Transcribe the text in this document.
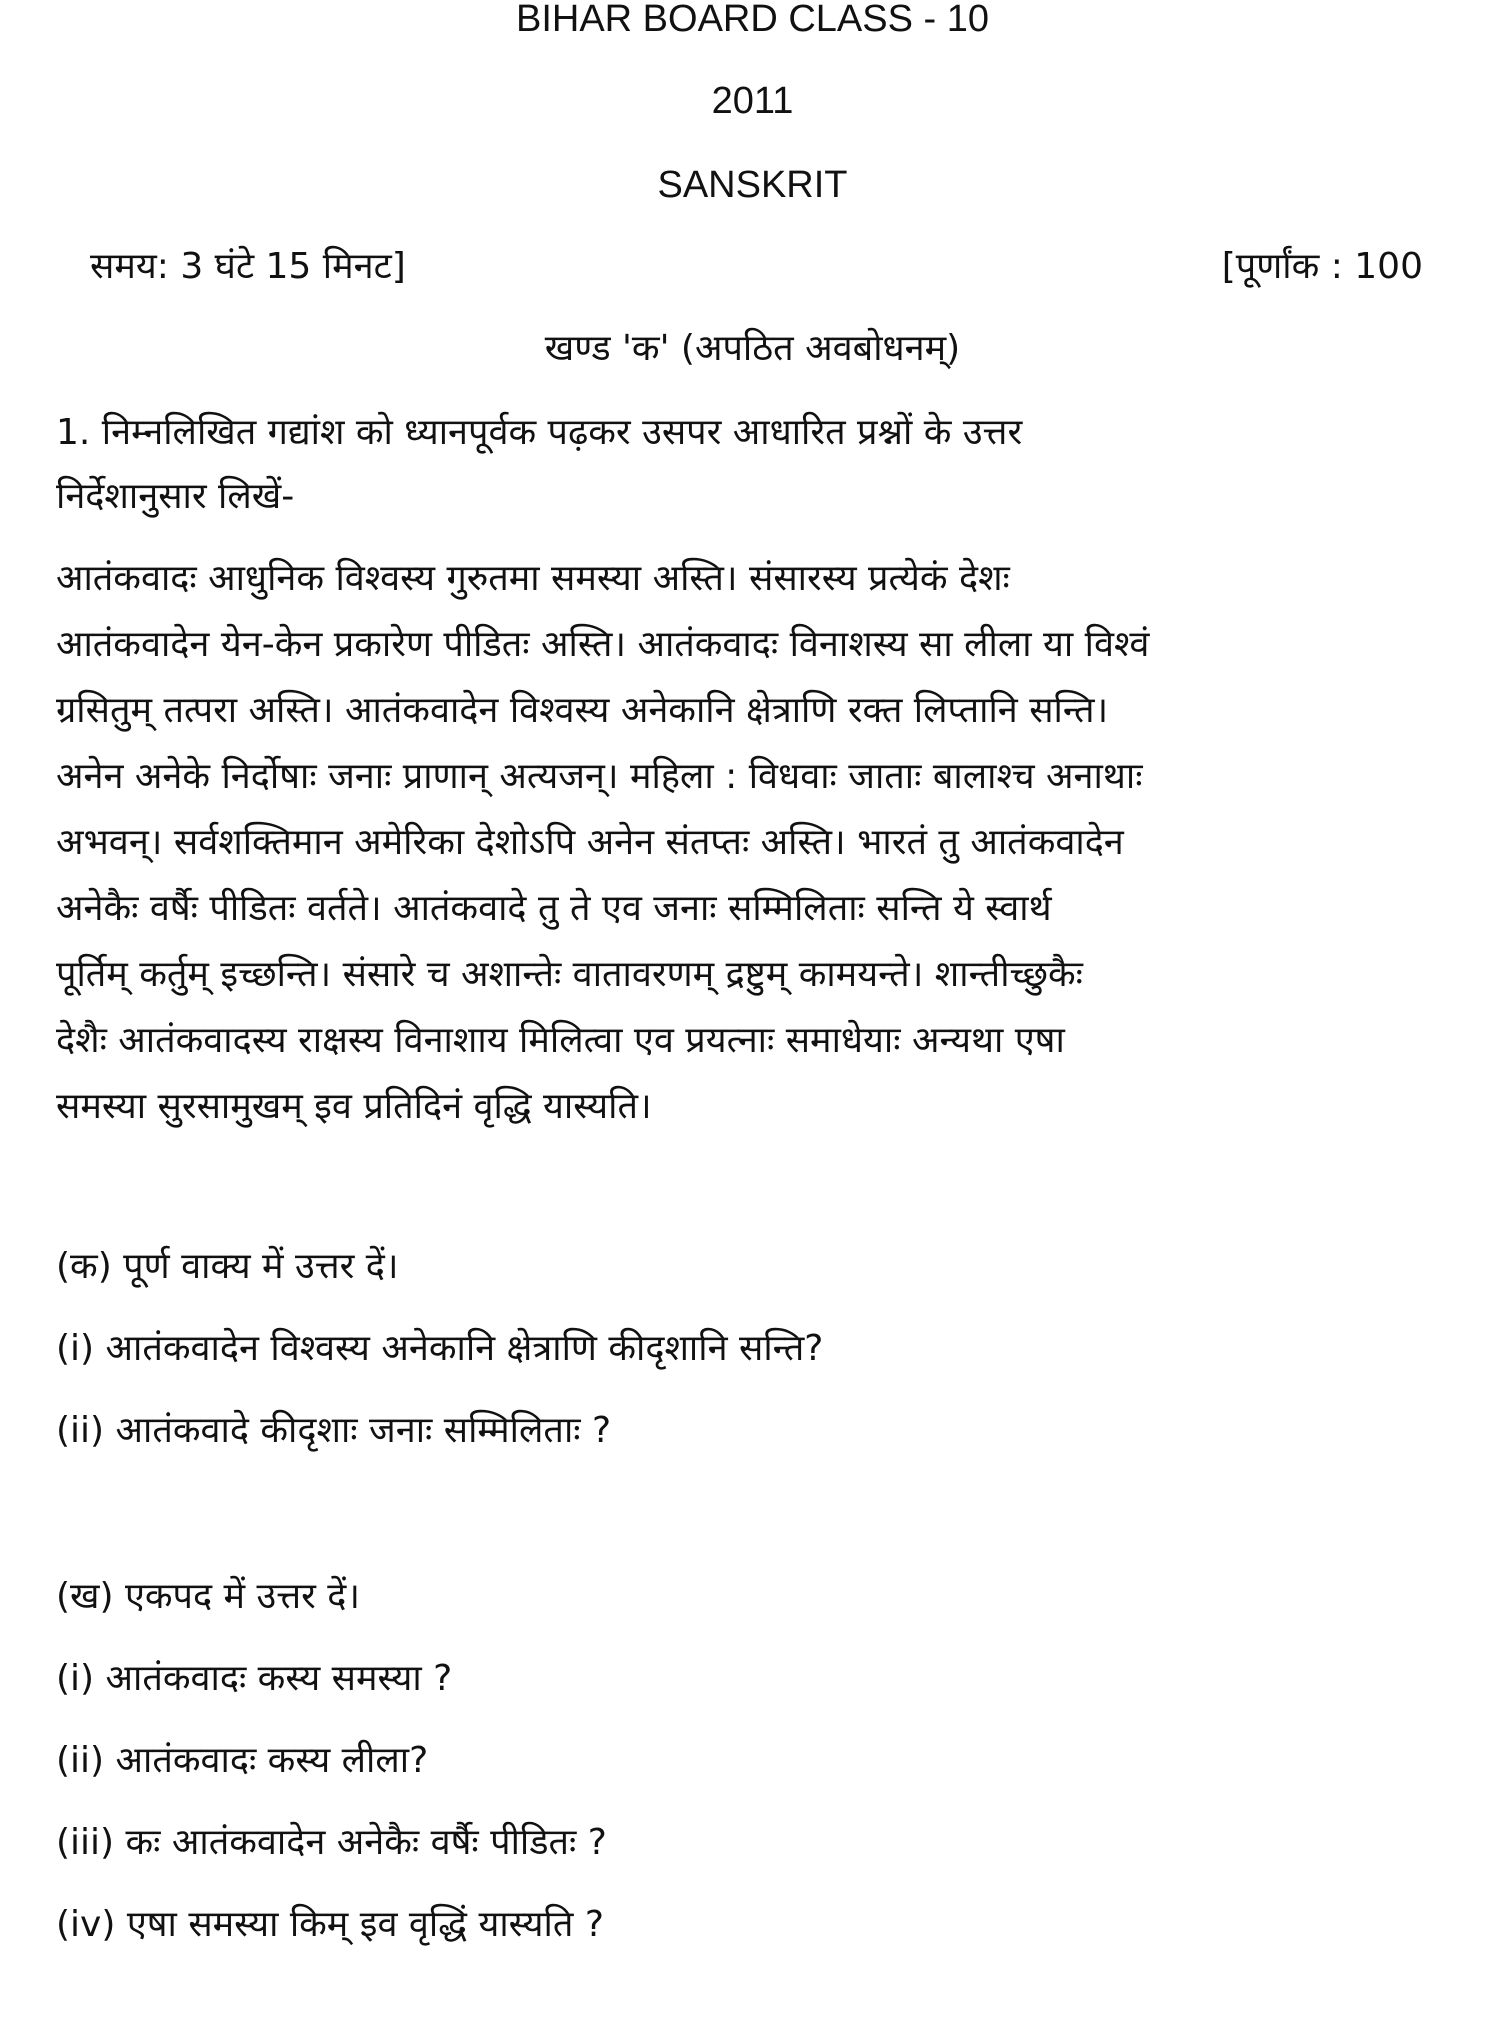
BIHAR BOARD CLASS - 10
2011
SANSKRIT
समय: 3 घंटे 15 मिनट]	[पूर्णांक : 100
खण्ड 'क' (अपठित अवबोधनम्)
1. निम्नलिखित गद्यांश को ध्यानपूर्वक पढ़कर उसपर आधारित प्रश्नों के उत्तर
निर्देशानुसार लिखें-
आतंकवादः आधुनिक विश्वस्य गुरुतमा समस्या अस्ति। संसारस्य प्रत्येकं देशः
आतंकवादेन येन-केन प्रकारेण पीडितः अस्ति। आतंकवादः विनाशस्य सा लीला या विश्वं
ग्रसितुम् तत्परा अस्ति। आतंकवादेन विश्वस्य अनेकानि क्षेत्राणि रक्त लिप्तानि सन्ति।
अनेन अनेके निर्दोषाः जनाः प्राणान् अत्यजन्। महिला : विधवाः जाताः बालाश्च अनाथाः
अभवन्। सर्वशक्तिमान अमेरिका देशोऽपि अनेन संतप्तः अस्ति। भारतं तु आतंकवादेन
अनेकैः वर्षैः पीडितः वर्तते। आतंकवादे तु ते एव जनाः सम्मिलिताः सन्ति ये स्वार्थ
पूर्तिम् कर्तुम् इच्छन्ति। संसारे च अशान्तेः वातावरणम् द्रष्टुम् कामयन्ते। शान्तीच्छुकैः
देशैः आतंकवादस्य राक्षस्य विनाशाय मिलित्वा एव प्रयत्नाः समाधेयाः अन्यथा एषा
समस्या सुरसामुखम् इव प्रतिदिनं वृद्धि यास्यति।
(क) पूर्ण वाक्य में उत्तर दें।
(i) आतंकवादेन विश्वस्य अनेकानि क्षेत्राणि कीदृशानि सन्ति?
(ii) आतंकवादे कीदृशाः जनाः सम्मिलिताः ?
(ख) एकपद में उत्तर दें।
(i) आतंकवादः कस्य समस्या ?
(ii) आतंकवादः कस्य लीला?
(iii) कः आतंकवादेन अनेकैः वर्षैः पीडितः ?
(iv) एषा समस्या किम् इव वृद्धिं यास्यति ?
